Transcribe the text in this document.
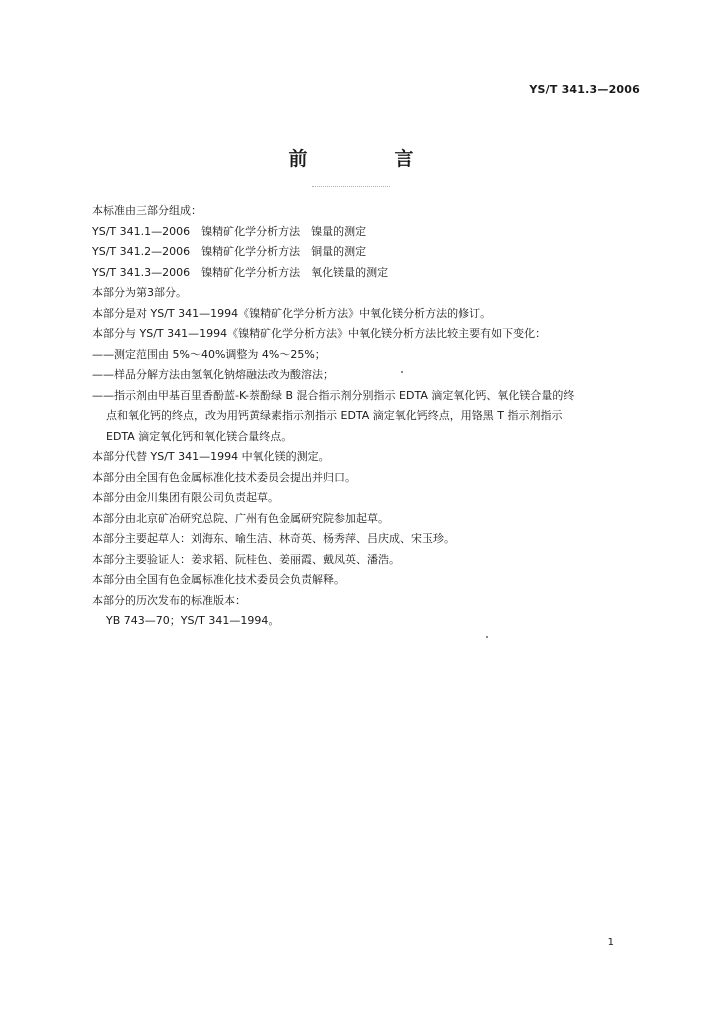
YS/T 341.3—2006
前　言
本标准由三部分组成：
YS/T 341.1—2006　镍精矿化学分析方法　镍量的测定
YS/T 341.2—2006　镍精矿化学分析方法　铜量的测定
YS/T 341.3—2006　镍精矿化学分析方法　氧化镁量的测定
本部分为第3部分。
本部分是对 YS/T 341—1994《镍精矿化学分析方法》中氧化镁分析方法的修订。
本部分与 YS/T 341—1994《镍精矿化学分析方法》中氧化镁分析方法比较主要有如下变化：
——测定范围由 5%～40%调整为 4%～25%；
——样品分解方法由氢氧化钠熔融法改为酸溶法；
——指示剂由甲基百里香酚蓝-K-萘酚绿 B 混合指示剂分别指示 EDTA 滴定氧化钙、氧化镁合量的终
点和氧化钙的终点，改为用钙黄绿素指示剂指示 EDTA 滴定氧化钙终点，用铬黑 T 指示剂指示
EDTA 滴定氧化钙和氧化镁合量终点。
本部分代替 YS/T 341—1994 中氧化镁的测定。
本部分由全国有色金属标准化技术委员会提出并归口。
本部分由金川集团有限公司负责起草。
本部分由北京矿冶研究总院、广州有色金属研究院参加起草。
本部分主要起草人：刘海东、喻生洁、林奇英、杨秀萍、吕庆成、宋玉珍。
本部分主要验证人：姜求韬、阮桂色、姜丽霞、戴凤英、潘浩。
本部分由全国有色金属标准化技术委员会负责解释。
本部分的历次发布的标准版本：
YB 743—70；YS/T 341—1994。
1
